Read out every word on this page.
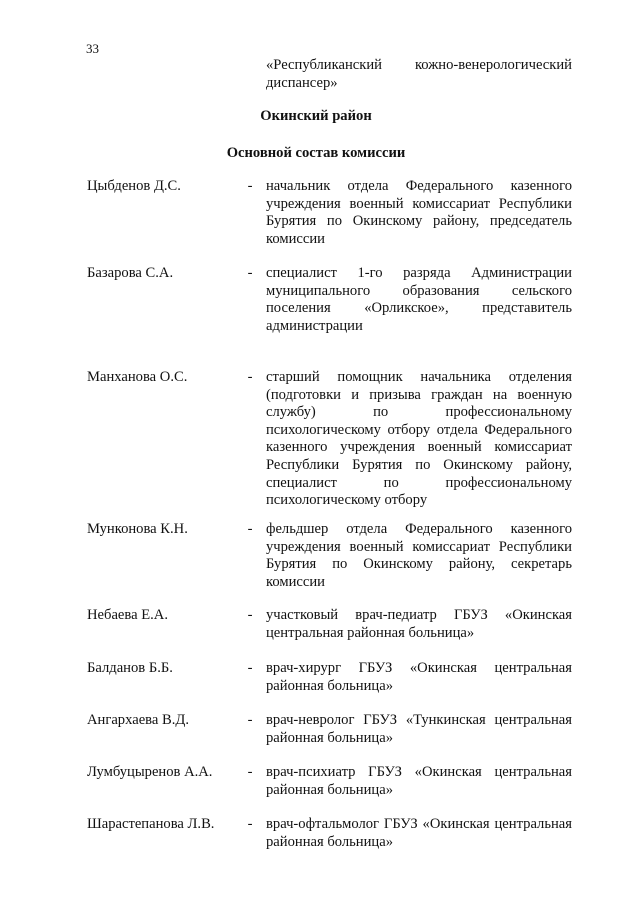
33
«Республиканский кожно-венерологический диспансер»
Окинский район
Основной состав комиссии
Цыбденов Д.С.	- начальник отдела Федерального казенного учреждения военный комиссариат Республики Бурятия по Окинскому району, председатель комиссии
Базарова С.А.	- специалист 1-го разряда Администрации муниципального образования сельского поселения «Орликское», представитель администрации
Манханова О.С.	- старший помощник начальника отделения (подготовки и призыва граждан на военную службу) по профессиональному психологическому отбору отдела Федерального казенного учреждения военный комиссариат Республики Бурятия по Окинскому району, специалист по профессиональному психологическому отбору
Мунконова К.Н.	- фельдшер отдела Федерального казенного учреждения военный комиссариат Республики Бурятия по Окинскому району, секретарь комиссии
Небаева Е.А.	- участковый врач-педиатр ГБУЗ «Окинская центральная районная больница»
Балданов Б.Б.	- врач-хирург ГБУЗ «Окинская центральная районная больница»
Ангархаева В.Д.	- врач-невролог ГБУЗ «Тункинская центральная районная больница»
Лумбуцыренов А.А. - врач-психиатр ГБУЗ «Окинская центральная районная больница»
Шарастепанова Л.В. - врач-офтальмолог ГБУЗ «Окинская центральная районная больница»
